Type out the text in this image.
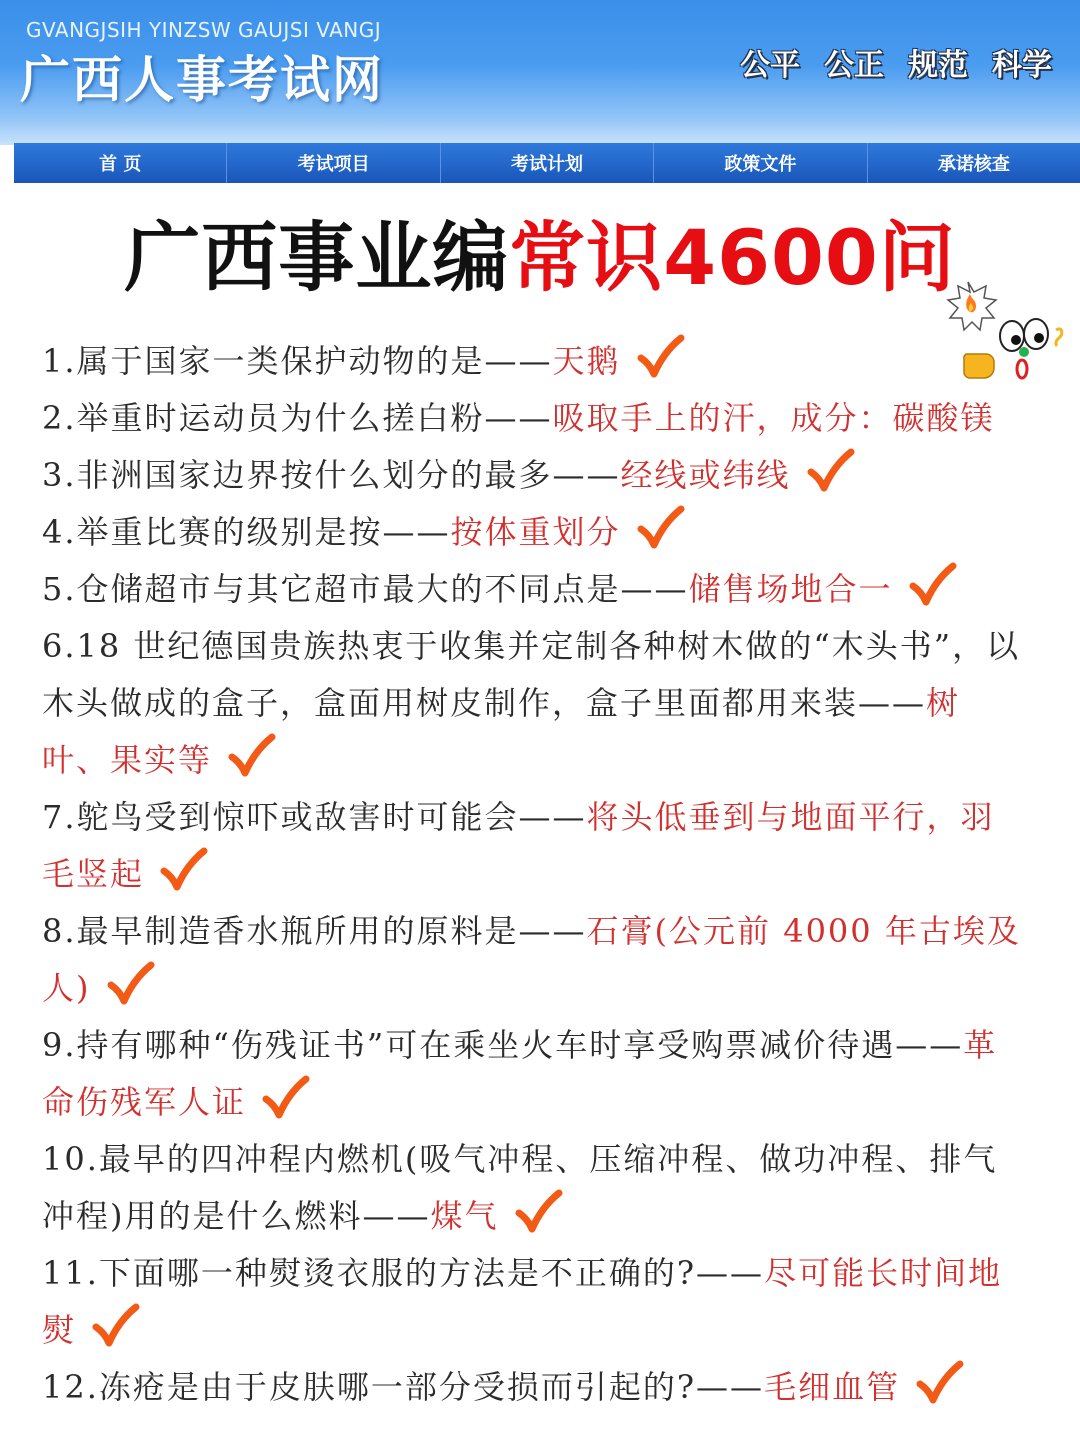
GVANGJSIH YINZSW GAUJSI VANGJ
广西人事考试网	公平 公正 规范 科学
首 页	考试项目	考试计划	政策文件	承诺核查
广西事业编常识4600问
1.属于国家一类保护动物的是——天鹅
2.举重时运动员为什么搓白粉——吸取手上的汗，成分：碳酸镁
3.非洲国家边界按什么划分的最多——经线或纬线
4.举重比赛的级别是按——按体重划分
5.仓储超市与其它超市最大的不同点是——储售场地合一
6.18 世纪德国贵族热衷于收集并定制各种树木做的“木头书”，以木头做成的盒子，盒面用树皮制作，盒子里面都用来装——树叶、果实等
7.鸵鸟受到惊吓或敌害时可能会——将头低垂到与地面平行，羽毛竖起
8.最早制造香水瓶所用的原料是——石膏(公元前 4000 年古埃及人)
9.持有哪种“伤残证书”可在乘坐火车时享受购票减价待遇——革命伤残军人证
10.最早的四冲程内燃机(吸气冲程、压缩冲程、做功冲程、排气冲程)用的是什么燃料——煤气
11.下面哪一种熨烫衣服的方法是不正确的?——尽可能长时间地熨
12.冻疮是由于皮肤哪一部分受损而引起的?——毛细血管
